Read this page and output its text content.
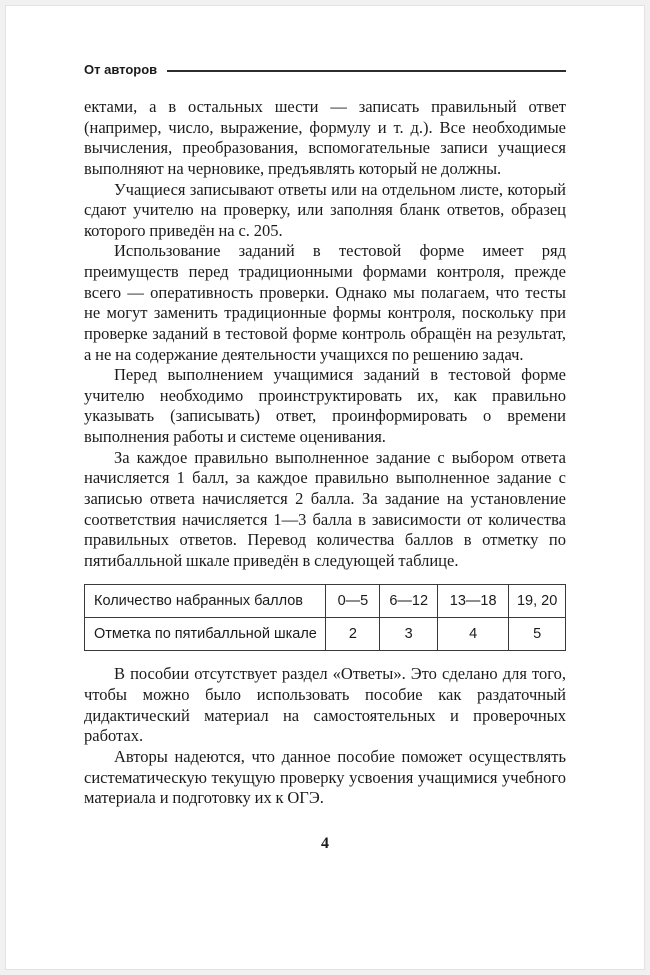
От авторов

ектами, а в остальных шести — записать правильный ответ (например, число, выражение, формулу и т. д.). Все необходимые вычисления, преобразования, вспомогательные записи учащиеся выполняют на черновике, предъявлять который не должны.

Учащиеся записывают ответы или на отдельном листе, который сдают учителю на проверку, или заполняя бланк ответов, образец которого приведён на с. 205.

Использование заданий в тестовой форме имеет ряд преимуществ перед традиционными формами контроля, прежде всего — оперативность проверки. Однако мы полагаем, что тесты не могут заменить традиционные формы контроля, поскольку при проверке заданий в тестовой форме контроль обращён на результат, а не на содержание деятельности учащихся по решению задач.

Перед выполнением учащимися заданий в тестовой форме учителю необходимо проинструктировать их, как правильно указывать (записывать) ответ, проинформировать о времени выполнения работы и системе оценивания.

За каждое правильно выполненное задание с выбором ответа начисляется 1 балл, за каждое правильно выполненное задание с записью ответа начисляется 2 балла. За задание на установление соответствия начисляется 1—3 балла в зависимости от количества правильных ответов. Перевод количества баллов в отметку по пятибалльной шкале приведён в следующей таблице.

Количество набранных баллов	0—5	6—12	13—18	19, 20
Отметка по пятибалльной шкале	2	3	4	5

В пособии отсутствует раздел «Ответы». Это сделано для того, чтобы можно было использовать пособие как раздаточный дидактический материал на самостоятельных и проверочных работах.

Авторы надеются, что данное пособие поможет осуществлять систематическую текущую проверку усвоения учащимися учебного материала и подготовку их к ОГЭ.

4
